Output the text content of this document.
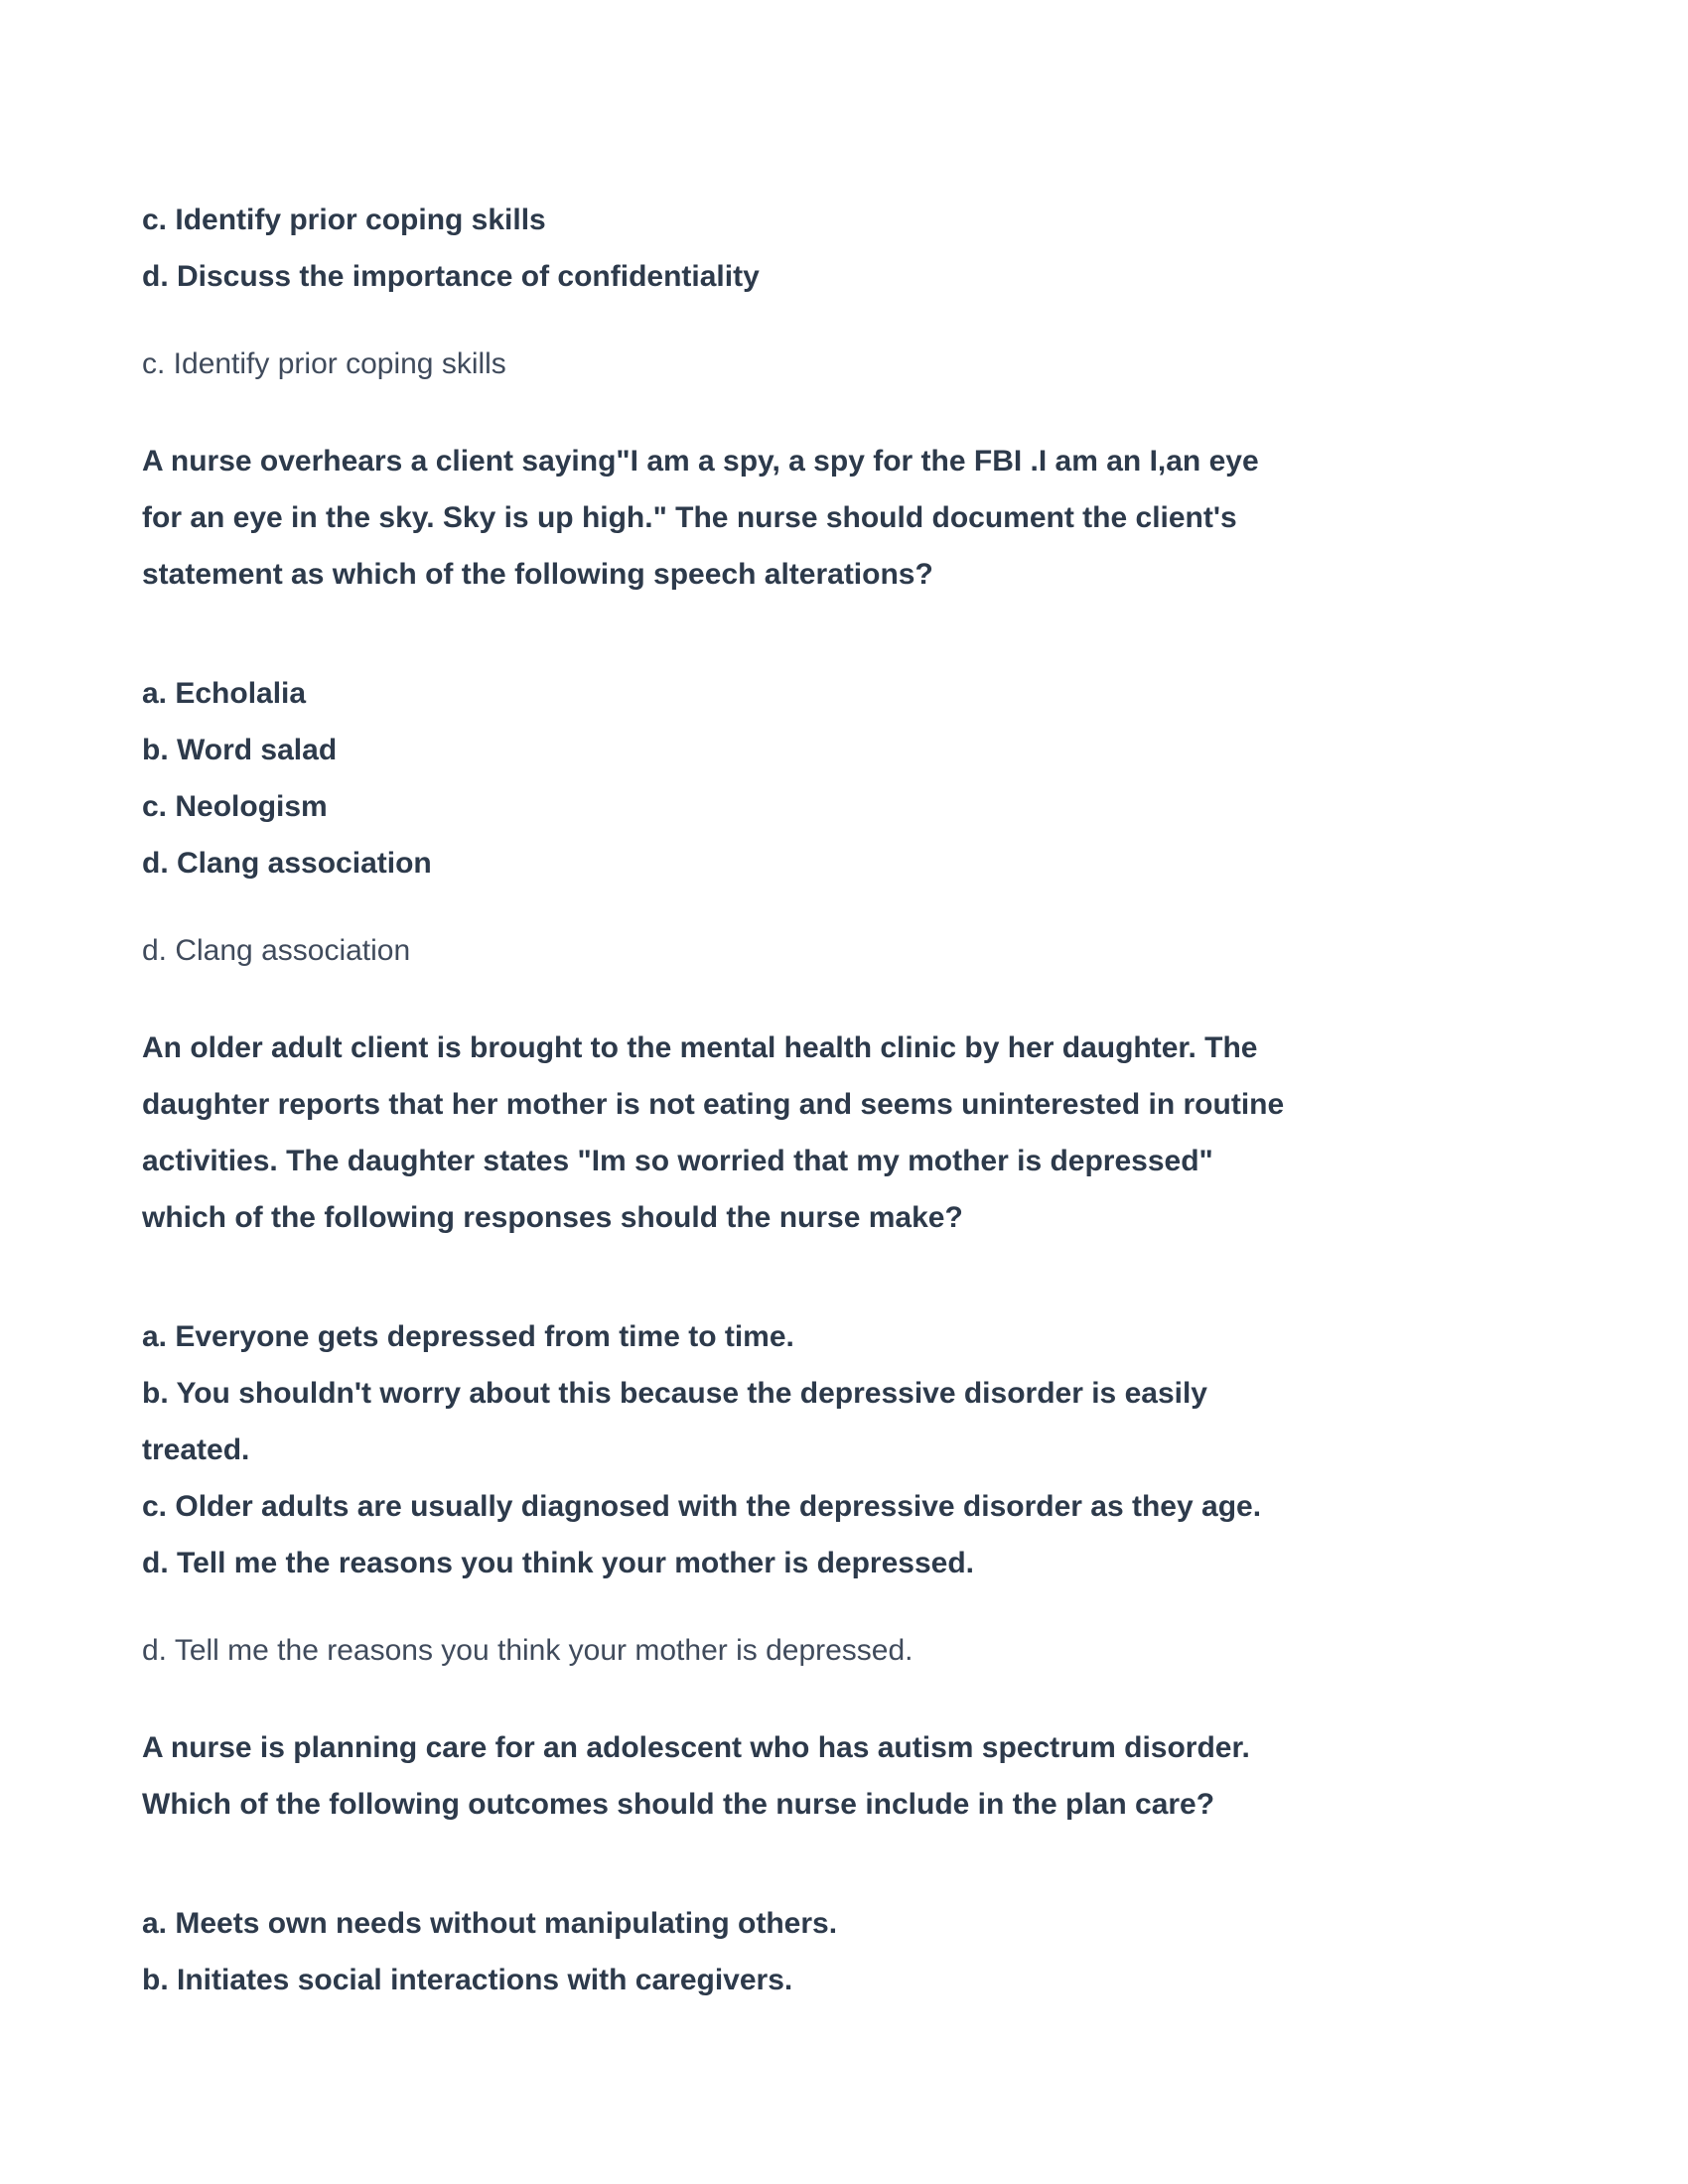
c. Identify prior coping skills
d. Discuss the importance of confidentiality
c. Identify prior coping skills
A nurse overhears a client saying"I am a spy, a spy for the FBI .I am an I,an eye
for an eye in the sky. Sky is up high." The nurse should document the client's
statement as which of the following speech alterations?
a. Echolalia
b. Word salad
c. Neologism
d. Clang association
d. Clang association
An older adult client is brought to the mental health clinic by her daughter. The
daughter reports that her mother is not eating and seems uninterested in routine
activities. The daughter states "Im so worried that my mother is depressed"
which of the following responses should the nurse make?
a. Everyone gets depressed from time to time.
b. You shouldn't worry about this because the depressive disorder is easily
treated.
c. Older adults are usually diagnosed with the depressive disorder as they age.
d. Tell me the reasons you think your mother is depressed.
d. Tell me the reasons you think your mother is depressed.
A nurse is planning care for an adolescent who has autism spectrum disorder.
Which of the following outcomes should the nurse include in the plan care?
a. Meets own needs without manipulating others.
b. Initiates social interactions with caregivers.
